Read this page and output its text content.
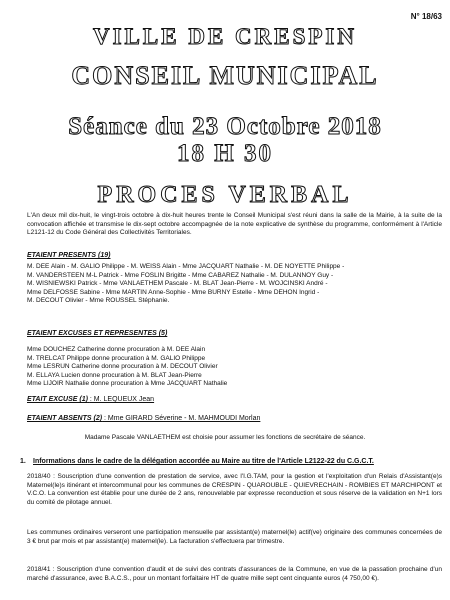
N° 18/63
VILLE DE CRESPIN
CONSEIL MUNICIPAL
Séance du 23 Octobre 2018
18 H 30
PROCES VERBAL
L'An deux mil dix-huit, le vingt-trois octobre à dix-huit heures trente le Conseil Municipal s'est réuni dans la salle de la Mairie, à la suite de la convocation affichée et transmise le dix-sept octobre accompagnée de la note explicative de synthèse du programme, conformément à l'Article L2121-12 du Code Général des Collectivités Territoriales.
ETAIENT PRESENTS (19)
M. DEE Alain - M. GALIO Philippe - M. WEISS Alain - Mme JACQUART Nathalie - M. DE NOYETTE Philippe -
M. VANDERSTEEN M-L Patrick - Mme FOSLIN Brigitte - Mme CABAREZ Nathalie - M. DULANNOY Guy -
M. WISNIEWSKI Patrick - Mme VANLAETHEM Pascale - M. BLAT Jean-Pierre - M. WOJCINSKI André -
Mme DELFOSSE Sabine - Mme MARTIN Anne-Sophie - Mme BURNY Estelle - Mme DEHON Ingrid -
M. DECOUT Olivier - Mme ROUSSEL Stéphanie.
ETAIENT EXCUSES ET REPRESENTES (5)
Mme DOUCHEZ Catherine donne procuration à M. DEE Alain
M. TRELCAT Philippe donne procuration à M. GALIO Philippe
Mme LESRUN Catherine donne procuration à M. DECOUT Olivier
M. ELLAYA Lucien donne procuration à M. BLAT Jean-Pierre
Mme LIJOIR Nathalie donne procuration à Mme JACQUART Nathalie
ETAIT EXCUSE (1) : M. LEQUEUX Jean
ETAIENT ABSENTS (2) : Mme GIRARD Séverine - M. MAHMOUDI Morlan
Madame Pascale VANLAETHEM est choisie pour assumer les fonctions de secrétaire de séance.
1. Informations dans le cadre de la délégation accordée au Maire au titre de l'Article L2122-22 du C.G.C.T.
2018/40 : Souscription d'une convention de prestation de service, avec l'I.G.TAM, pour la gestion et l'exploitation d'un Relais d'Assistant(e)s Maternel(le)s itinérant et intercommunal pour les communes de CRESPIN - QUAROUBLE - QUIEVRECHAIN - ROMBIES ET MARCHIPONT et V.C.O. La convention est établie pour une durée de 2 ans, renouvelable par expresse reconduction et sous réserve de la validation en N+1 lors du comité de pilotage annuel.
Les communes ordinaires verseront une participation mensuelle par assistant(e) maternel(le) actif(ve) originaire des communes concernées de 3 € brut par mois et par assistant(e) maternel(le). La facturation s'effectuera par trimestre.
2018/41 : Souscription d'une convention d'audit et de suivi des contrats d'assurances de la Commune, en vue de la passation prochaine d'un marché d'assurance, avec B.A.C.S., pour un montant forfaitaire HT de quatre mille sept cent cinquante euros (4 750,00 €).
